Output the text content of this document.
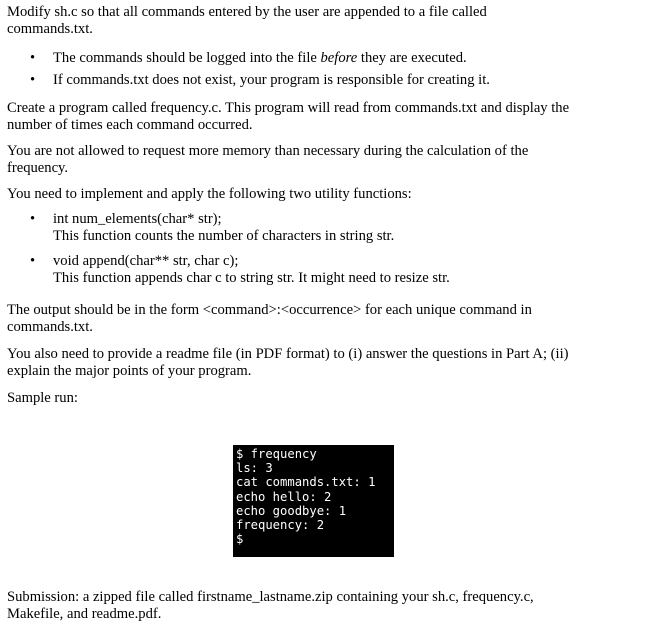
Modify sh.c so that all commands entered by the user are appended to a file called
commands.txt.

•	The commands should be logged into the file before they are executed.
•	If commands.txt does not exist, your program is responsible for creating it.

Create a program called frequency.c. This program will read from commands.txt and display the
number of times each command occurred.

You are not allowed to request more memory than necessary during the calculation of the
frequency.

You need to implement and apply the following two utility functions:

•	int num_elements(char* str);
This function counts the number of characters in string str.
•	void append(char** str, char c);
This function appends char c to string str. It might need to resize str.

The output should be in the form <command>:<occurrence> for each unique command in
commands.txt.

You also need to provide a readme file (in PDF format) to (i) answer the questions in Part A; (ii)
explain the major points of your program.

Sample run:

$ frequency
ls: 3
cat commands.txt: 1
echo hello: 2
echo goodbye: 1
frequency: 2
$

Submission: a zipped file called firstname_lastname.zip containing your sh.c, frequency.c,
Makefile, and readme.pdf.
